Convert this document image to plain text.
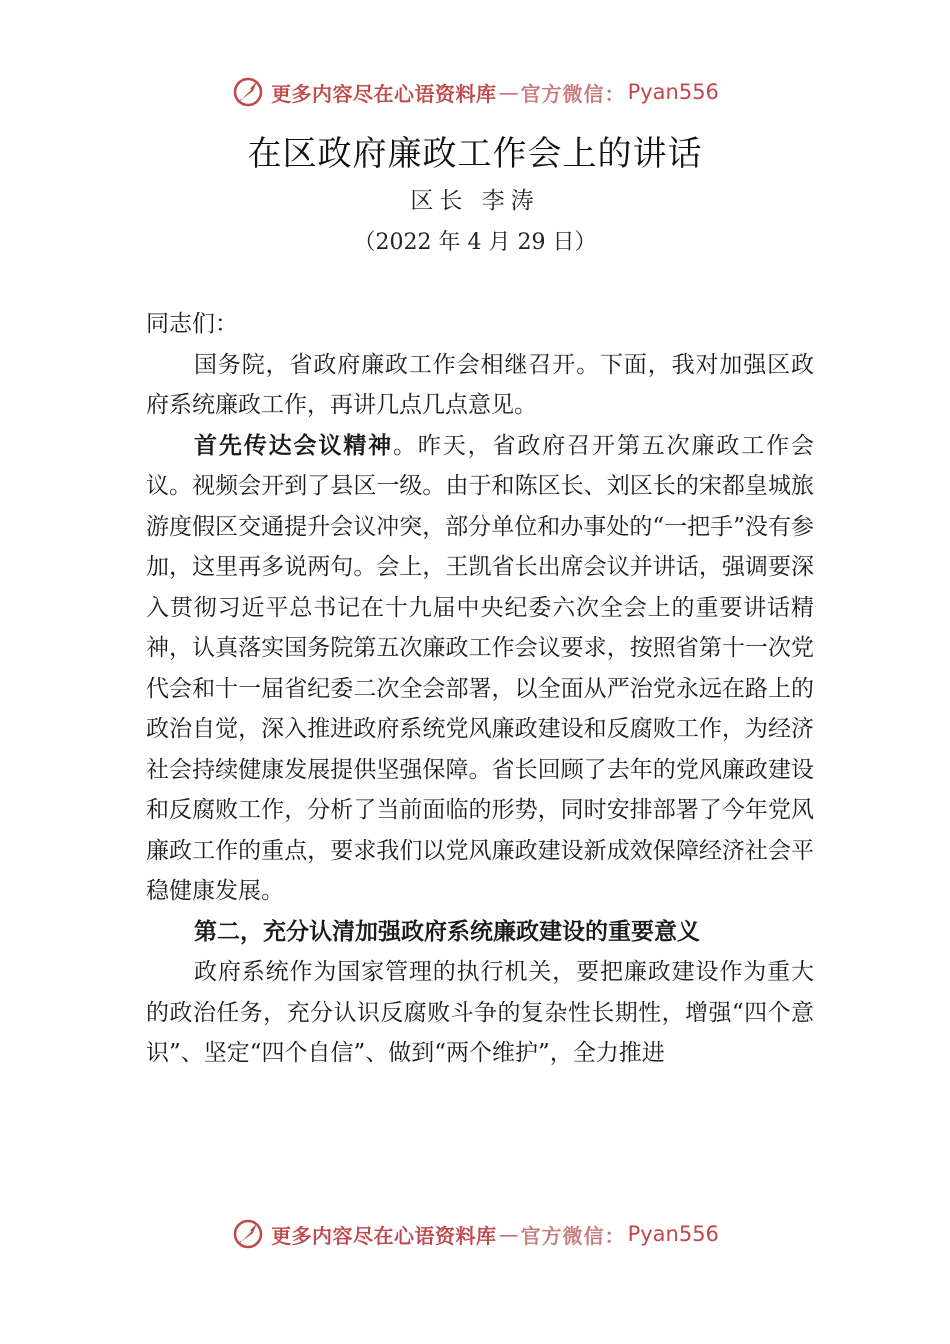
更多内容尽在心语资料库 — 官方微信： Pyan556
在区政府廉政工作会上的讲话
区长 李涛
（2022 年 4 月 29 日）

同志们：

国务院，省政府廉政工作会相继召开。下面，我对加强区政府系统廉政工作，再讲几点几点意见。

首先传达会议精神。昨天，省政府召开第五次廉政工作会议。视频会开到了县区一级。由于和陈区长、刘区长的宋都皇城旅游度假区交通提升会议冲突，部分单位和办事处的“一把手”没有参加，这里再多说两句。会上，王凯省长出席会议并讲话，强调要深入贯彻习近平总书记在十九届中央纪委六次全会上的重要讲话精神，认真落实国务院第五次廉政工作会议要求，按照省第十一次党代会和十一届省纪委二次全会部署，以全面从严治党永远在路上的政治自觉，深入推进政府系统党风廉政建设和反腐败工作，为经济社会持续健康发展提供坚强保障。省长回顾了去年的党风廉政建设和反腐败工作，分析了当前面临的形势，同时安排部署了今年党风廉政工作的重点，要求我们以党风廉政建设新成效保障经济社会平稳健康发展。

第二，充分认清加强政府系统廉政建设的重要意义

政府系统作为国家管理的执行机关，要把廉政建设作为重大的政治任务，充分认识反腐败斗争的复杂性长期性，增强“四个意识”、坚定“四个自信”、做到“两个维护”，全力推进

更多内容尽在心语资料库 — 官方微信： Pyan556
